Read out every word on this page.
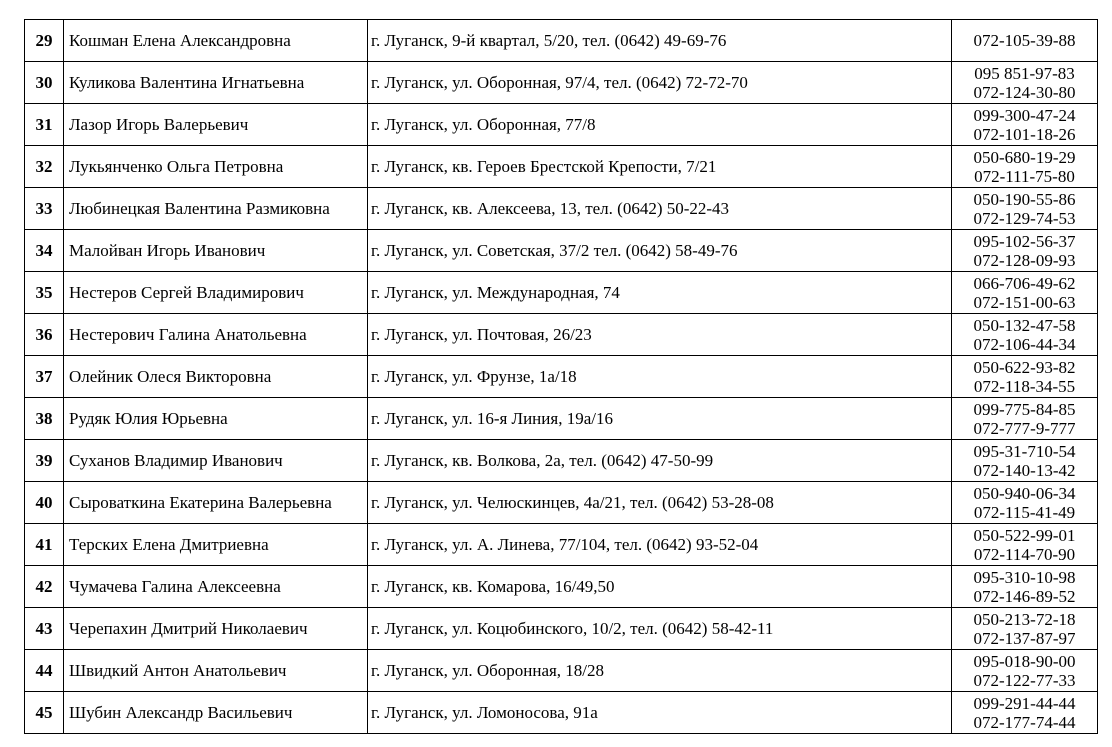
29	Кошман Елена Александровна	г. Луганск, 9-й квартал, 5/20, тел. (0642) 49-69-76	072-105-39-88

30	Куликова Валентина Игнатьевна	г. Луганск, ул. Оборонная, 97/4, тел. (0642) 72-72-70	095 851-97-83
072-124-30-80

31	Лазор Игорь Валерьевич	г. Луганск, ул. Оборонная, 77/8	099-300-47-24
072-101-18-26

32	Лукьянченко Ольга Петровна	г. Луганск, кв. Героев Брестской Крепости, 7/21	050-680-19-29
072-111-75-80

33	Любинецкая Валентина Размиковна	г. Луганск, кв. Алексеева, 13, тел. (0642) 50-22-43	050-190-55-86
072-129-74-53

34	Малойван Игорь Иванович	г. Луганск, ул. Советская, 37/2 тел. (0642) 58-49-76	095-102-56-37
072-128-09-93

35	Нестеров Сергей Владимирович	г. Луганск, ул. Международная, 74	066-706-49-62
072-151-00-63

36	Нестерович Галина Анатольевна	г. Луганск, ул. Почтовая, 26/23	050-132-47-58
072-106-44-34

37	Олейник Олеся Викторовна	г. Луганск, ул. Фрунзе, 1а/18	050-622-93-82
072-118-34-55

38	Рудяк Юлия Юрьевна	г. Луганск, ул. 16-я Линия, 19а/16	099-775-84-85
072-777-9-777

39	Суханов Владимир Иванович	г. Луганск, кв. Волкова, 2а, тел. (0642) 47-50-99	095-31-710-54
072-140-13-42

40	Сыроваткина Екатерина Валерьевна	г. Луганск, ул. Челюскинцев, 4а/21, тел. (0642) 53-28-08	050-940-06-34
072-115-41-49

41	Терских Елена Дмитриевна	г. Луганск, ул. А. Линева, 77/104, тел. (0642) 93-52-04	050-522-99-01
072-114-70-90

42	Чумачева Галина Алексеевна	г. Луганск, кв. Комарова, 16/49,50	095-310-10-98
072-146-89-52

43	Черепахин Дмитрий Николаевич	г. Луганск, ул. Коцюбинского, 10/2, тел. (0642) 58-42-11	050-213-72-18
072-137-87-97

44	Швидкий Антон Анатольевич	г. Луганск, ул. Оборонная, 18/28	095-018-90-00
072-122-77-33

45	Шубин Александр Васильевич	г. Луганск, ул. Ломоносова, 91а	099-291-44-44
072-177-74-44
